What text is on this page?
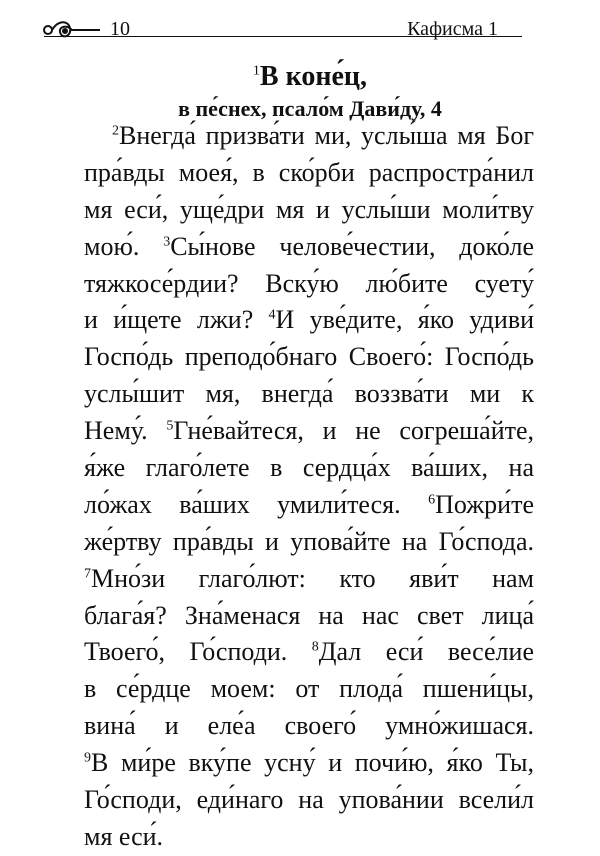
10	Кафисма 1
$^1$В коне́ц,
в пе́снех, псало́м Дави́ду, 4
$^2$Внегда́ призва́ти ми, услы́ша мя Бог
пра́вды моея́, в ско́рби распростра́нил
мя еси́, уще́дри мя и услы́ши моли́тву
мою́. $^3$Сы́нове челове́честии, доко́ле
тяжкосе́рдии? Вску́ю лю́бите суету́
и и́щете лжи? $^4$И уве́дите, я́ко удиви́
Госпо́дь преподо́бнаго Своего́: Госпо́дь
услы́шит мя, внегда́ воззва́ти ми к
Нему́. $^5$Гне́вайтеся, и не согреша́йте,
я́же глаго́лете в сердца́х ва́ших, на
ло́жах ва́ших умили́теся. $^6$Пожри́те
же́ртву пра́вды и упова́йте на Го́спода.
$^7$Мно́зи глаго́лют: кто яви́т нам
блага́я? Зна́менася на нас свет лица́
Твоего́, Го́споди. $^8$Дал еси́ весе́лие
в се́рдце моем: от плода́ пшени́цы,
вина́ и еле́а своего́ умно́жишася.
$^9$В ми́ре вку́пе усну́ и почи́ю, я́ко Ты,
Го́споди, еди́наго на упова́нии всели́л
мя еси́.
